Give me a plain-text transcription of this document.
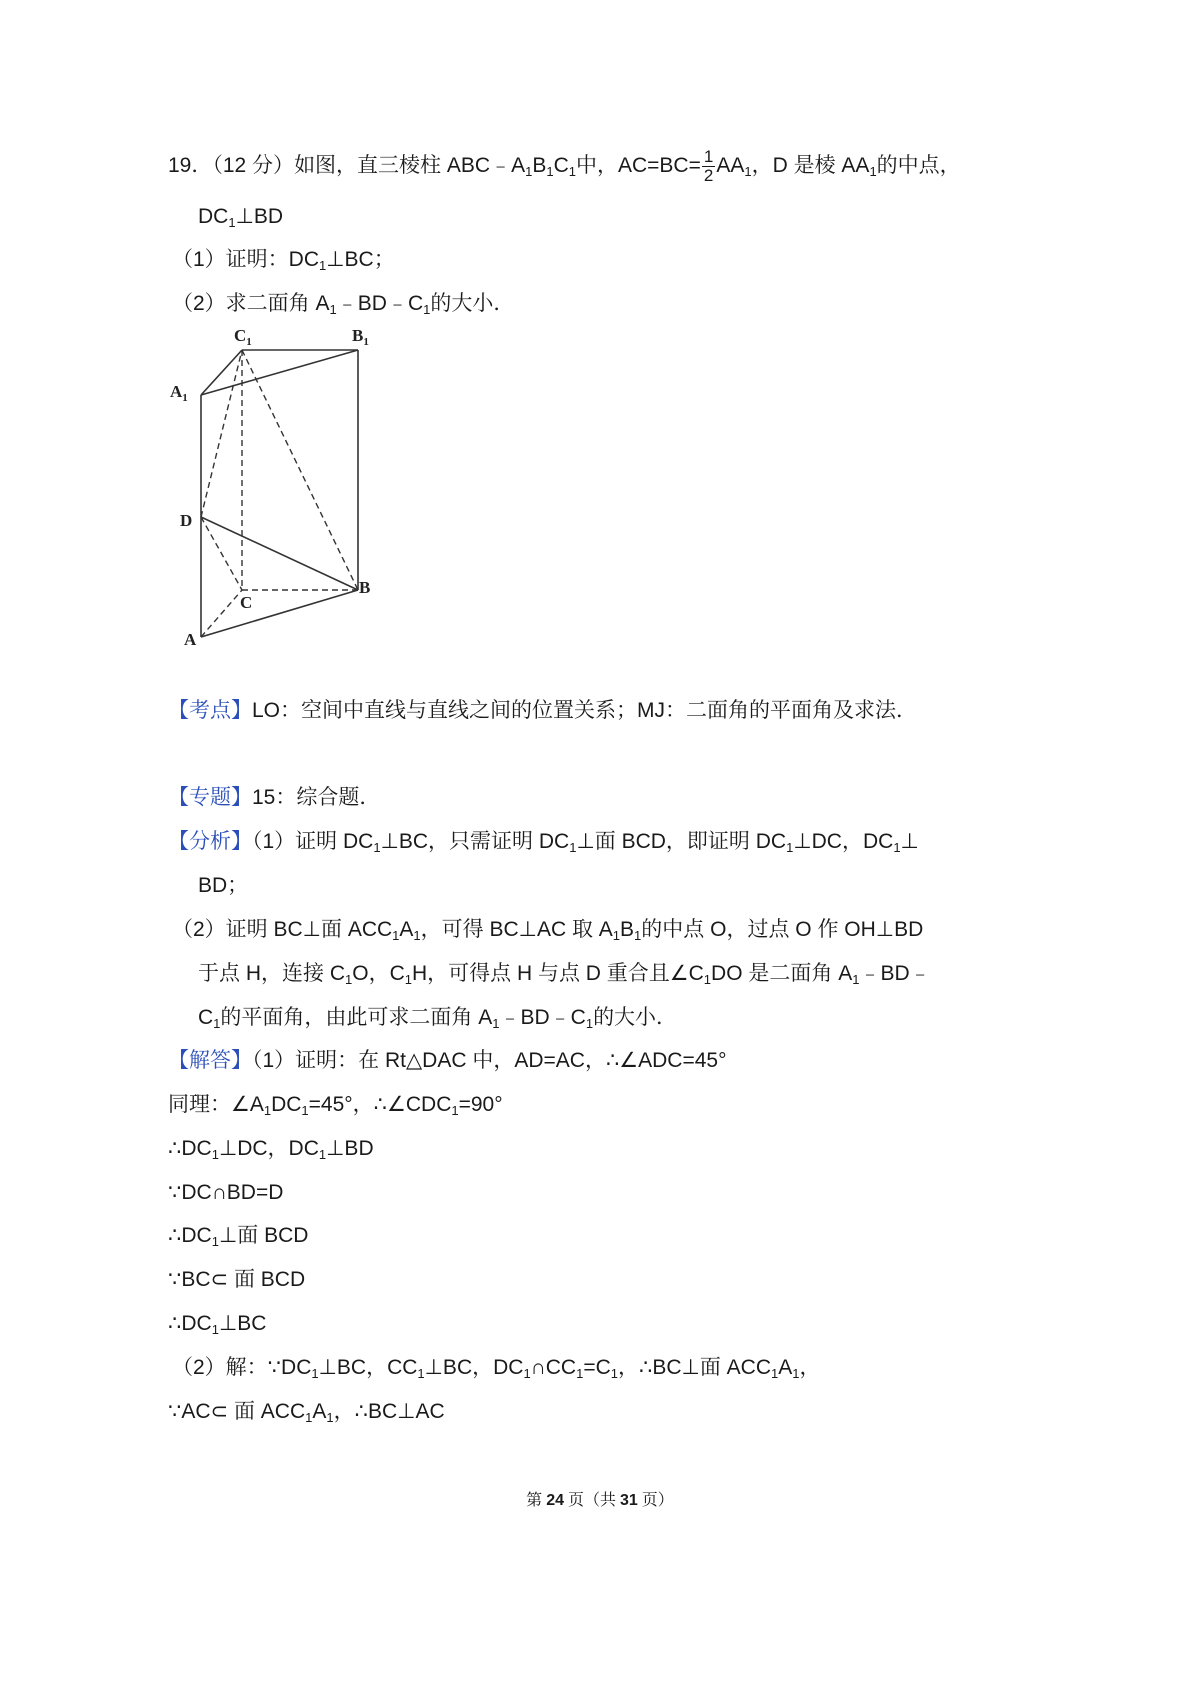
19．（12 分）如图，直三棱柱 $ABC﹣A_1B_1C_1$中，$AC=BC= \frac{1}{2} AA_1$，D 是棱 $AA_1$的中点，
$DC_1\perp BD$
（1）证明：$DC_1\perp BC$；
（2）求二面角 $A_1﹣BD﹣C_1$的大小．
$C_1$	$B_1$
$A_1$
D
C
B
A
【考点】LO：空间中直线与直线之间的位置关系；MJ：二面角的平面角及求法．
【专题】15：综合题．
【分析】（1）证明 $DC_1\perp BC$，只需证明 $DC_1\perp$面 BCD，即证明 $DC_1\perp DC$，$DC_1\perp$
BD；
（2）证明 BC⊥面 $ACC_1A_1$，可得 BC⊥AC 取 $A_1B_1$的中点 O，过点 O 作 OH⊥BD
于点 H，连接 $C_1O$，$C_1H$，可得点 H 与点 D 重合且$\angle C_1DO$ 是二面角 $A_1﹣BD﹣$
$C_1$的平面角，由此可求二面角 $A_1﹣BD﹣C_1$的大小．
【解答】（1）证明：在 Rt△DAC 中，AD=AC，∴∠ADC=45°
同理：$\angle A_1DC_1=45^\circ$，$\therefore\angle CDC_1=90^\circ$
$\therefore DC_1\perp DC$，$DC_1\perp BD$
∵DC∩BD=D
$\therefore DC_1\perp$面 BCD
∵BC⊂ 面 BCD
$\therefore DC_1\perp BC$
（2）解：$\because DC_1\perp BC$，$CC_1\perp BC$，$DC_1\cap CC_1=C_1$，∴BC⊥面 $ACC_1A_1$，
∵AC⊂ 面 $ACC_1A_1$，∴BC⊥AC
第 24 页（共 31 页）
